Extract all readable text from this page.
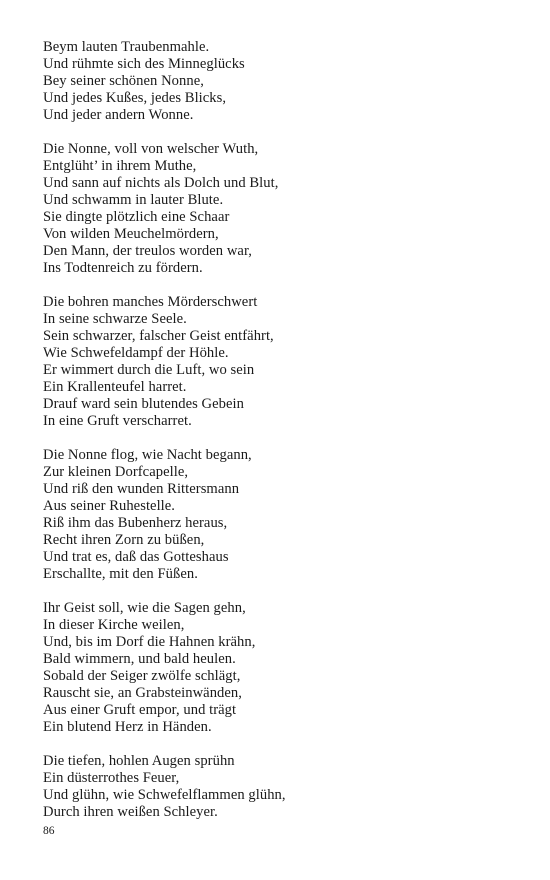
Beym lauten Traubenmahle.
Und rühmte sich des Minneglücks
Bey seiner schönen Nonne,
Und jedes Kußes, jedes Blicks,
Und jeder andern Wonne.
Die Nonne, voll von welscher Wuth,
Entglüht’ in ihrem Muthe,
Und sann auf nichts als Dolch und Blut,
Und schwamm in lauter Blute.
Sie dingte plötzlich eine Schaar
Von wilden Meuchelmördern,
Den Mann, der treulos worden war,
Ins Todtenreich zu fördern.
Die bohren manches Mörderschwert
In seine schwarze Seele.
Sein schwarzer, falscher Geist entfährt,
Wie Schwefeldampf der Höhle.
Er wimmert durch die Luft, wo sein
Ein Krallenteufel harret.
Drauf ward sein blutendes Gebein
In eine Gruft verscharret.
Die Nonne flog, wie Nacht begann,
Zur kleinen Dorfcapelle,
Und riß den wunden Rittersmann
Aus seiner Ruhestelle.
Riß ihm das Bubenherz heraus,
Recht ihren Zorn zu büßen,
Und trat es, daß das Gotteshaus
Erschallte, mit den Füßen.
Ihr Geist soll, wie die Sagen gehn,
In dieser Kirche weilen,
Und, bis im Dorf die Hahnen krähn,
Bald wimmern, und bald heulen.
Sobald der Seiger zwölfe schlägt,
Rauscht sie, an Grabsteinwänden,
Aus einer Gruft empor, und trägt
Ein blutend Herz in Händen.
Die tiefen, hohlen Augen sprühn
Ein düsterrothes Feuer,
Und glühn, wie Schwefelflammen glühn,
Durch ihren weißen Schleyer.
86
